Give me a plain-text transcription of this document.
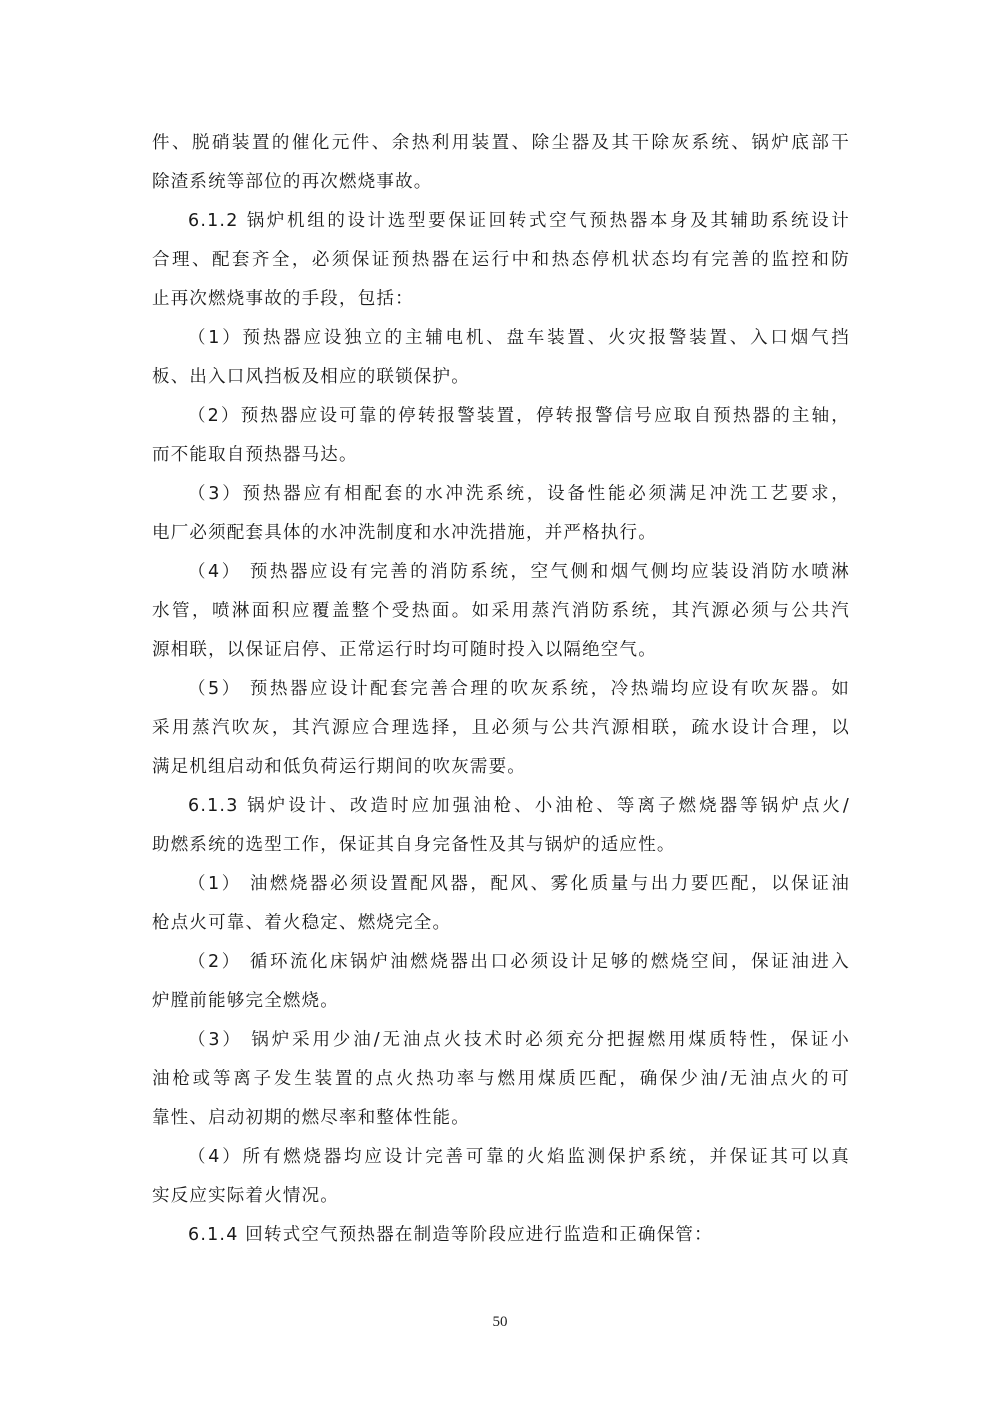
件、脱硝装置的催化元件、余热利用装置、除尘器及其干除灰系统、锅炉底部干
除渣系统等部位的再次燃烧事故。
6.1.2 锅炉机组的设计选型要保证回转式空气预热器本身及其辅助系统设计
合理、配套齐全，必须保证预热器在运行中和热态停机状态均有完善的监控和防
止再次燃烧事故的手段，包括：
（1）预热器应设独立的主辅电机、盘车装置、火灾报警装置、入口烟气挡
板、出入口风挡板及相应的联锁保护。
（2）预热器应设可靠的停转报警装置，停转报警信号应取自预热器的主轴，
而不能取自预热器马达。
（3）预热器应有相配套的水冲洗系统，设备性能必须满足冲洗工艺要求，
电厂必须配套具体的水冲洗制度和水冲洗措施，并严格执行。
（4） 预热器应设有完善的消防系统，空气侧和烟气侧均应装设消防水喷淋
水管，喷淋面积应覆盖整个受热面。如采用蒸汽消防系统，其汽源必须与公共汽
源相联，以保证启停、正常运行时均可随时投入以隔绝空气。
（5） 预热器应设计配套完善合理的吹灰系统，冷热端均应设有吹灰器。如
采用蒸汽吹灰，其汽源应合理选择，且必须与公共汽源相联，疏水设计合理，以
满足机组启动和低负荷运行期间的吹灰需要。
6.1.3 锅炉设计、改造时应加强油枪、小油枪、等离子燃烧器等锅炉点火/
助燃系统的选型工作，保证其自身完备性及其与锅炉的适应性。
（1） 油燃烧器必须设置配风器，配风、雾化质量与出力要匹配，以保证油
枪点火可靠、着火稳定、燃烧完全。
（2） 循环流化床锅炉油燃烧器出口必须设计足够的燃烧空间，保证油进入
炉膛前能够完全燃烧。
（3） 锅炉采用少油/无油点火技术时必须充分把握燃用煤质特性，保证小
油枪或等离子发生装置的点火热功率与燃用煤质匹配，确保少油/无油点火的可
靠性、启动初期的燃尽率和整体性能。
（4）所有燃烧器均应设计完善可靠的火焰监测保护系统，并保证其可以真
实反应实际着火情况。
6.1.4 回转式空气预热器在制造等阶段应进行监造和正确保管：
50
